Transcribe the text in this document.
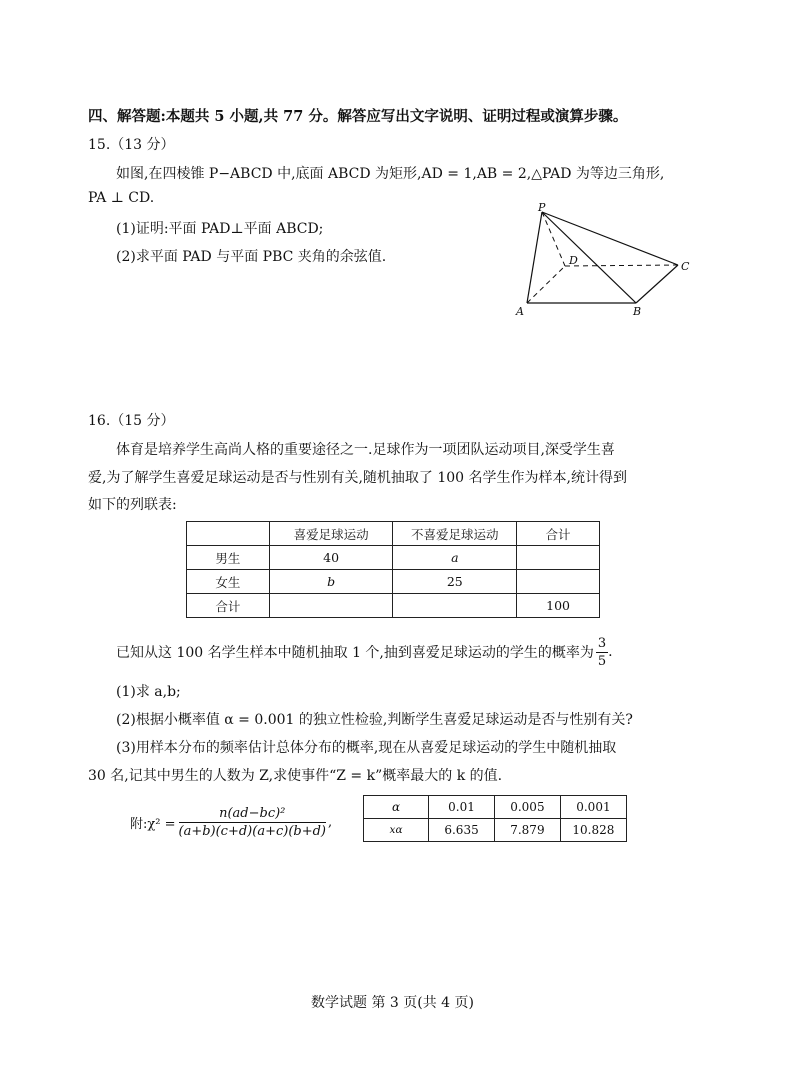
四、解答题:本题共 5 小题,共 77 分。解答应写出文字说明、证明过程或演算步骤。
15.（13 分）
如图,在四棱锥 P−ABCD 中,底面 ABCD 为矩形,AD = 1,AB = 2,△PAD 为等边三角形,
PA ⊥ CD.
(1)证明:平面 PAD⊥平面 ABCD;
(2)求平面 PAD 与平面 PBC 夹角的余弦值.
P
D	C
A	B
16.（15 分）
体育是培养学生高尚人格的重要途径之一.足球作为一项团队运动项目,深受学生喜
爱,为了解学生喜爱足球运动是否与性别有关,随机抽取了 100 名学生作为样本,统计得到
如下的列联表:
	喜爱足球运动	不喜爱足球运动	合计
男生	40	a	
女生	b	25	
合计			100
已知从这 100 名学生样本中随机抽取 1 个,抽到喜爱足球运动的学生的概率为 $\frac{3}{5}$ .
(1)求 a,b;
(2)根据小概率值 α = 0.001 的独立性检验,判断学生喜爱足球运动是否与性别有关?
(3)用样本分布的频率估计总体分布的概率,现在从喜爱足球运动的学生中随机抽取
30 名,记其中男生的人数为 Z,求使事件“Z = k”概率最大的 k 的值.
附:χ² = $\frac{\text{n(ad−bc)²}}{(a+b)(c+d)(a+c)(b+d)}$ ,
α	0.01	0.005	0.001
xα	6.635	7.879	10.828
数学试题 第 3 页(共 4 页)
